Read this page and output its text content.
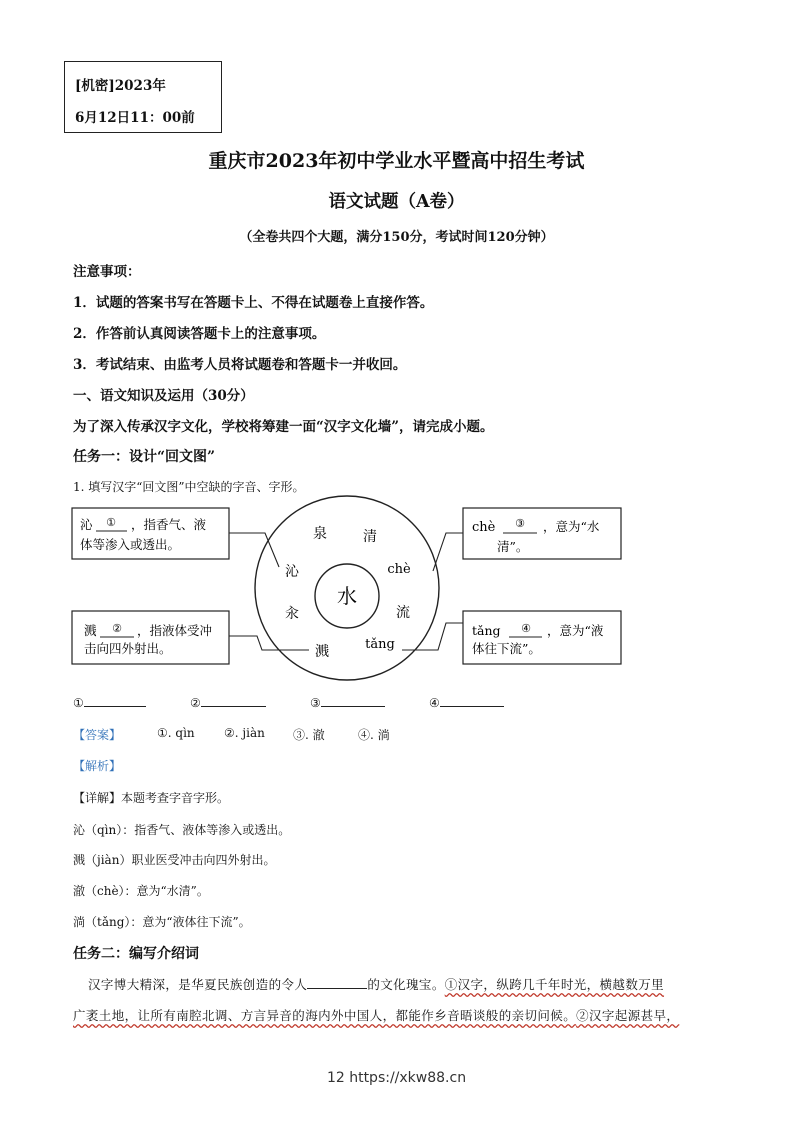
[机密]2023年
6月12日11：00前
重庆市2023年初中学业水平暨高中招生考试
语文试题（A卷）
（全卷共四个大题，满分150分，考试时间120分钟）
注意事项：
1．试题的答案书写在答题卡上、不得在试题卷上直接作答。
2．作答前认真阅读答题卡上的注意事项。
3．考试结束、由监考人员将试题卷和答题卡一并收回。
一、语文知识及运用（30分）
为了深入传承汉字文化，学校将筹建一面“汉字文化墙”，请完成小题。
任务一：设计“回文图”
1. 填写汉字“回文图”中空缺的字音、字形。
水
泉	清
沁	chè
汆	流
溅	tǎng
沁 ① ，指香气、液
体等渗入或透出。
溅 ② ，指液体受冲
击向四外射出。
chè ③ ，意为“水
清”。
tǎng ④ ，意为“液
体往下流”。
①	②	③	④
【答案】	①. qìn ②. jiàn ③. 澈	④. 淌
【解析】
【详解】本题考查字音字形。
沁（qìn）：指香气、液体等渗入或透出。
溅（jiàn）职业医受冲击向四外射出。
澈（chè）：意为“水清”。
淌（tǎng）：意为“液体往下流”。
任务二：编写介绍词
汉字博大精深，是华夏民族创造的令人	的文化瑰宝。①汉字，纵跨几千年时光，横越数万里
广袤土地，让所有南腔北调、方言异音的海内外中国人，都能作乡音晤谈般的亲切问候。②汉字起源甚早，
12 https://xkw88.cn
